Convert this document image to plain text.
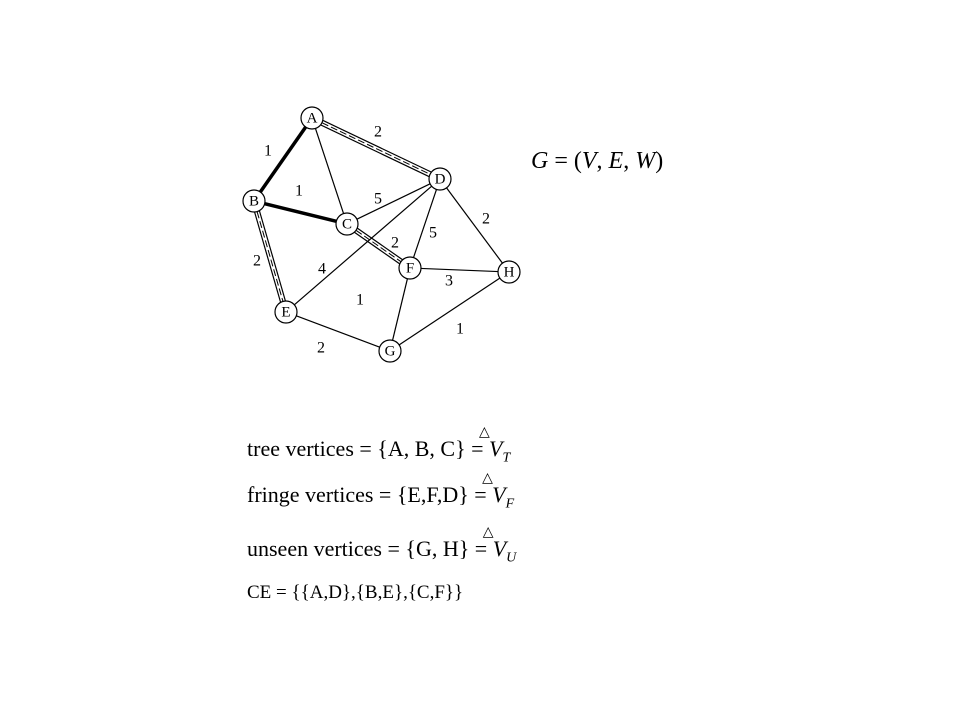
1
1
2
2
2
5
5
2
4
3
2
1
1
A
B
C
D
E
F
G
H
G = (V, E, W)
tree vertices = {A, B, C} =
△
$V_T$
fringe vertices = {E,F,D} =
△
$V_F$
unseen vertices = {G, H} =
△
$V_U$
CE = {{A,D},{B,E},{C,F}}
